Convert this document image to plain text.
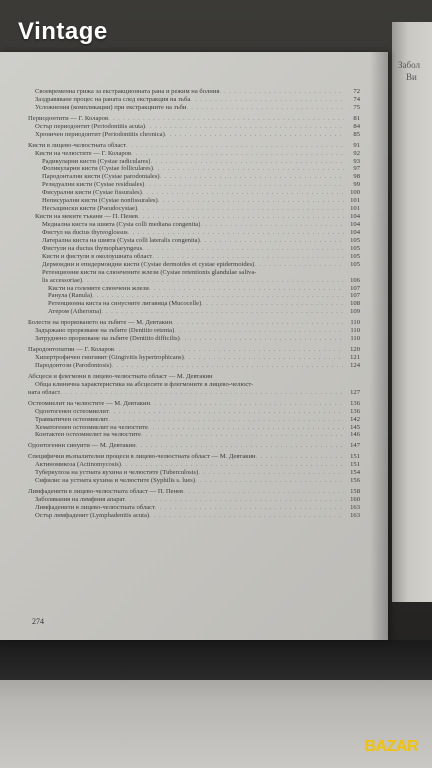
Забол
Ви
Vintage
Своевременна грижа за екстракционната рана и режим на болния . . .	72
Заздравяване процес на раната след екстракция на зъба . . .	74
Усложнения (компликации) при екстракциите на зъби . . .	75
Периодонтити — Г. Коларов . . .	81
Остър периодонтит (Periodontitis acuta) . . .	84
Хроничен периодонтит (Periodontitis chronica) . . .	85
Кисти в лицево-челюстната област . . .	91
Кисти на челюстите — Г. Коларов . . .	92
Радикуларни кисти (Cystae radiculares) . . .	93
Фоликуларни кисти (Cystae folliculares) . . .	97
Пародонтални кисти (Cystae parodontales) . . .	98
Резидуални кисти (Cystae residuales) . . .	99
Фисурални кисти (Cystae fissurales) . . .	100
Неписурални кисти (Cystae nonfissurales) . . .	101
Несъщински кисти (Pseudocystae) . . .	101
Кисти на меките тъкани — П. Пенев . . .	104
Медиална киста на шията (Cysta colli mediana congenita) . . .	104
Фистул на ductus thyreoglossus . . .	104
Латерална киста на шията (Cysta colli lateralis congenita) . . .	105
Фистули на ductus thymopharyngeus . . .	105
Кисти и фистули в околоушната област . . .	105
Дермоидни и епидермоидни кисти (Cystae dermoides et cystae epidermoides) . . .	105
Ретенционни кисти на слюнчените жлези (Cystae retentionis glandulae saliva-
lis accessoriae) . . .	106
Кисти на големите слюнчени жлези . . .	107
Ранула (Ranula) . . .	107
Ретенционна киста на синусните лигавица (Mucocelle) . . .	108
Атером (Atheroma) . . .	109
Болести на прорязването на зъбите — М. Девтакин . . .	110
Задържано прорязване на зъбите (Dentitio retenta) . . .	110
Затруднено прорязване на зъбите (Dentitio difficilis) . . .	110
Пародонтопатии — Г. Коларов . . .	120
Хипертрофичен гингивит (Gingivitis hypertrophicans) . . .	121
Пародонтози (Parodontosis) . . .	124
Абсцеси и флегмони в лицево-челюстната област — М. Девтакин
Обща клинична характеристика на абсцесите и флегмоните в лицево-челюст-
ната област . . .	127
Остеомиелит на челюстите — М. Девтакин . . .	136
Одонтогенен остеомиелит . . .	136
Травматичен остеомиелит . . .	142
Хематогенен остеомиелит на челюстите . . .	145
Контактен остеомиелит на челюстите . . .	146
Одонтогенни синуити — М. Девтакин . . .	147
Специфични възпалителни процеси в лицево-челюстната област — М. Девтакин . . .	151
Актиномикоза (Actinomycosis) . . .	151
Туберкулоза на устната кухина и челюстите (Tuberculosis) . . .	154
Сифилис на устната кухина и челюстите (Syphilis s. lues) . . .	156
Лимфаденити в лицево-челюстната област — П. Пенев . . .	158
Заболявания на лимфния апарат . . .	160
Лимфаденити в лицево-челюстната област . . .	163
Остър лимфаденит (Lymphadenitis acuta) . . .	163
274
BAZAR
